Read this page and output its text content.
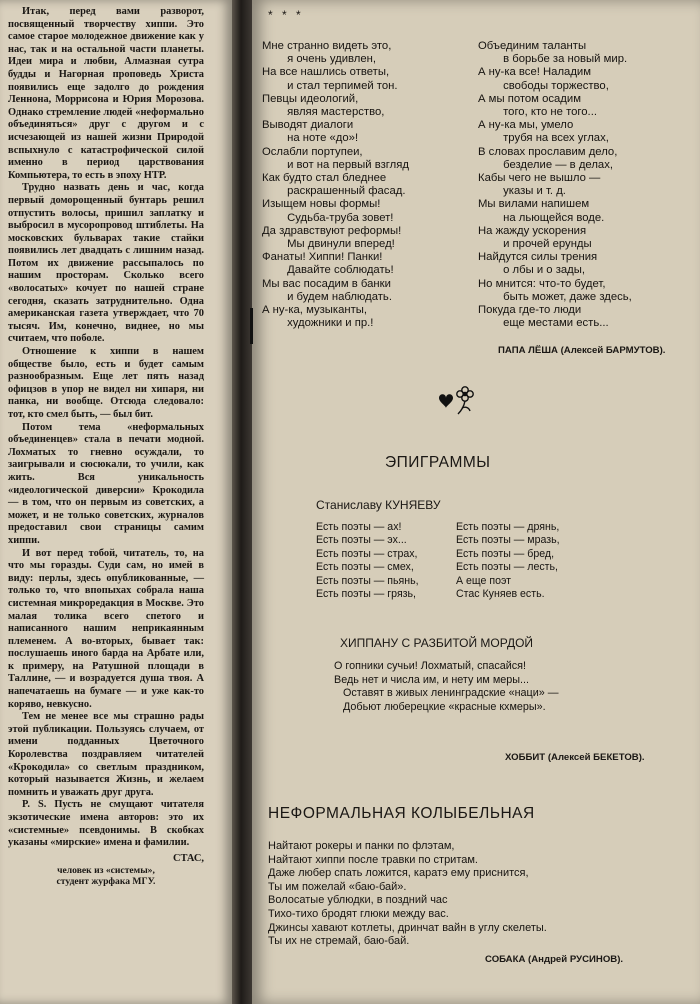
Итак, перед вами разворот, посвященный творчеству хиппи. Это самое старое молодежное движение как у нас, так и на остальной части планеты. Идеи мира и любви, Алмазная сутра будды и Нагорная проповедь Христа появились еще задолго до рождения Леннона, Моррисона и Юрия Морозова. Однако стремление людей «неформально объединяться» друг с другом и с исчезающей из нашей жизни Природой вспыхнуло с катастрофической силой именно в период царствования Компьютера, то есть в эпоху НТР.

Трудно назвать день и час, когда первый доморощенный бунтарь решил отпустить волосы, пришил заплатку и выбросил в мусоропровод штиблеты. На московских бульварах такие стайки появились лет двадцать с лишним назад. Потом их движение рассыпалось по нашим просторам. Сколько всего «волосатых» кочует по нашей стране сегодня, сказать затруднительно. Одна американская газета утверждает, что 70 тысяч. Им, конечно, виднее, но мы считаем, что поболе.

Отношение к хиппи в нашем обществе было, есть и будет самым разнообразным. Еще лет пять назад офицзов в упор не видел ни хипаря, ни панка, ни вообще. Отсюда следовало: тот, кто смел быть, — был бит.

Потом тема «неформальных объединенцев» стала в печати модной. Лохматых то гневно осуждали, то заигрывали и сюсюкали, то учили, как жить. Вся уникальность «идеологической диверсии» Крокодила — в том, что он первым из советских, а может, и не только советских, журналов предоставил свои страницы самим хиппи.

И вот перед тобой, читатель, то, на что мы горазды. Суди сам, но имей в виду: перлы, здесь опубликованные, — только то, что впопыхах собрала наша системная микроредакция в Москве. Это малая толика всего спетого и написанного нашим неприкаянным племенем. А во-вторых, бывает так: послушаешь иного барда на Арбате или, к примеру, на Ратушной площади в Таллине, — и возрадуется душа твоя. А напечатаешь на бумаге — и уже как-то коряво, невкусно.

Тем не менее все мы страшно рады этой публикации. Пользуясь случаем, от имени подданных Цветочного Королевства поздравляем читателей «Крокодила» со светлым праздником, который называется Жизнь, и желаем помнить и уважать друг друга.

P. S. Пусть не смущают читателя экзотические имена авторов: это их «системные» псевдонимы. В скобках указаны «мирские» имена и фамилии.

СТАС,

человек из «системы»,

студент журфака МГУ.

* * *
Мне странно видеть это,
я очень удивлен,
На все нашлись ответы,
и стал терпимей тон.
Певцы идеологий,
являя мастерство,
Выводят диалоги
на ноте «до»!
Ослабли портупеи,
и вот на первый взгляд
Как будто стал бледнее
раскрашенный фасад.
Изыщем новы формы!
Судьба-труба зовет!
Да здравствуют реформы!
Мы двинули вперед!
Фанаты! Хиппи! Панки!
Давайте соблюдать!
Мы вас посадим в банки
и будем наблюдать.
А ну-ка, музыканты,
художники и пр.!
Объединим таланты
в борьбе за новый мир.
А ну-ка все! Наладим
свободы торжество,
А мы потом осадим
того, кто не того...
А ну-ка мы, умело
трубя на всех углах,
В словах прославим дело,
безделие — в делах,
Кабы чего не вышло —
указы и т. д.
Мы вилами напишем
на льющейся воде.
На жажду ускорения
и прочей ерунды
Найдутся силы трения
о лбы и о зады,
Но мнится: что-то будет,
быть может, даже здесь,
Покуда где-то люди
еще местами есть...
ПАПА ЛЁША (Алексей БАРМУТОВ).
ЭПИГРАММЫ
Станиславу КУНЯЕВУ
Есть поэты — ах!
Есть поэты — эх...
Есть поэты — страх,
Есть поэты — смех,
Есть поэты — пьянь,
Есть поэты — грязь,
Есть поэты — дрянь,
Есть поэты — мразь,
Есть поэты — бред,
Есть поэты — лесть,
А еще поэт
Стас Куняев есть.
ХИППАНУ С РАЗБИТОЙ МОРДОЙ
О гопники сучьи! Лохматый, спасайся!
Ведь нет и числа им, и нету им меры...
Оставят в живых ленинградские «наци» —
Добьют люберецкие «красные кхмеры».
ХОББИТ (Алексей БЕКЕТОВ).
НЕФОРМАЛЬНАЯ КОЛЫБЕЛЬНАЯ
Найтают рокеры и панки по флэтам,
Найтают хиппи после травки по стритам.
Даже любер спать ложится, каратэ ему приснится,
Ты им пожелай «баю-бай».
Волосатые ублюдки, в поздний час
Тихо-тихо бродят глюки между вас.
Джинсы хавают котлеты, дринчат вайн в углу скелеты.
Ты их не стремай, баю-бай.
СОБАКА (Андрей РУСИНОВ).
